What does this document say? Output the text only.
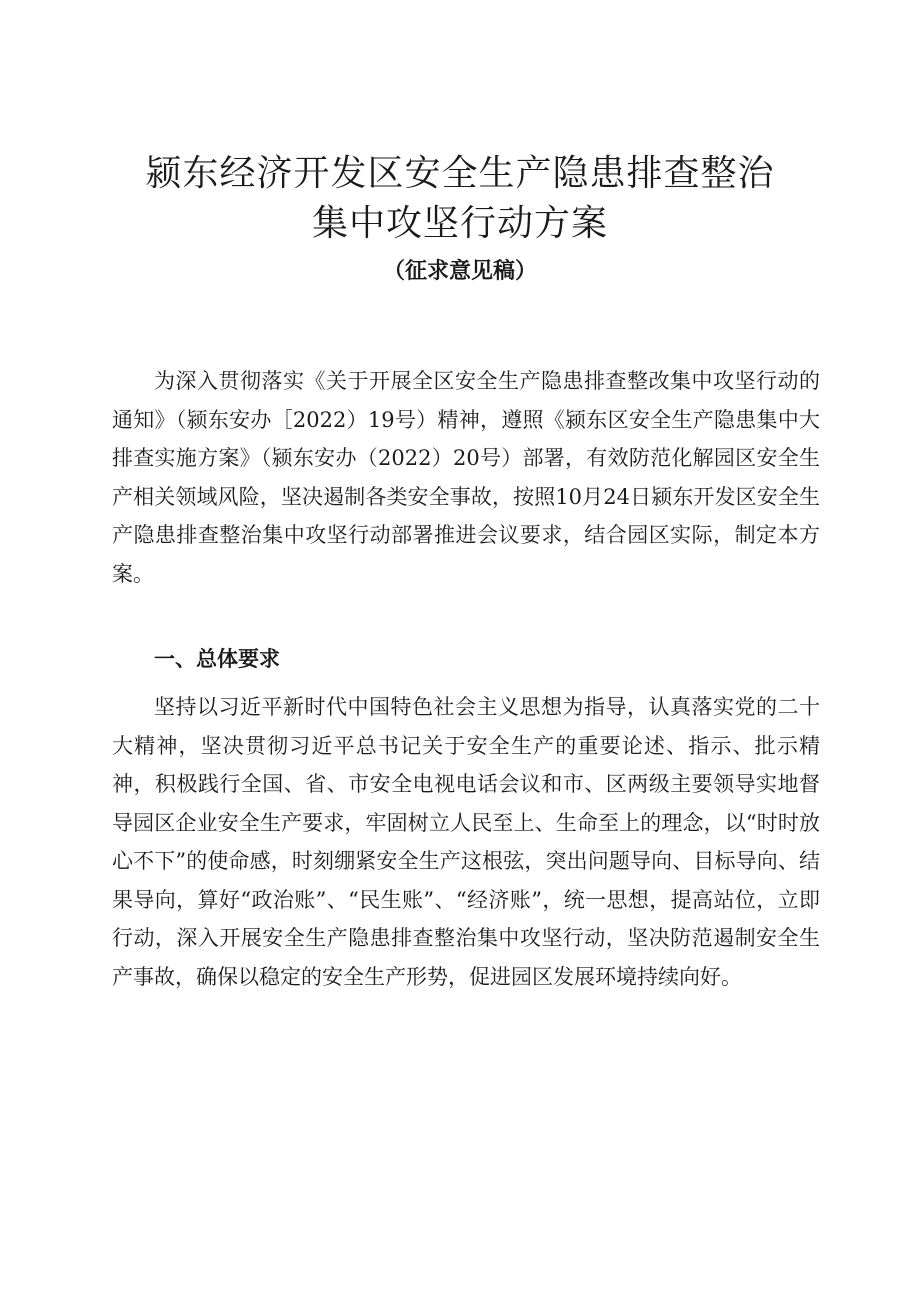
颍东经济开发区安全生产隐患排查整治
集中攻坚行动方案
（征求意见稿）

为深入贯彻落实《关于开展全区安全生产隐患排查整改集中攻坚行动的通知》（颍东安办［2022）19号）精神，遵照《颍东区安全生产隐患集中大排查实施方案》（颍东安办（2022）20号）部署，有效防范化解园区安全生产相关领域风险，坚决遏制各类安全事故，按照10月24日颍东开发区安全生产隐患排查整治集中攻坚行动部署推进会议要求，结合园区实际，制定本方案。

一、总体要求

坚持以习近平新时代中国特色社会主义思想为指导，认真落实党的二十大精神，坚决贯彻习近平总书记关于安全生产的重要论述、指示、批示精神，积极践行全国、省、市安全电视电话会议和市、区两级主要领导实地督导园区企业安全生产要求，牢固树立人民至上、生命至上的理念，以“时时放心不下”的使命感，时刻绷紧安全生产这根弦，突出问题导向、目标导向、结果导向，算好“政治账”、“民生账”、“经济账”，统一思想，提高站位，立即行动，深入开展安全生产隐患排查整治集中攻坚行动，坚决防范遏制安全生产事故，确保以稳定的安全生产形势，促进园区发展环境持续向好。
